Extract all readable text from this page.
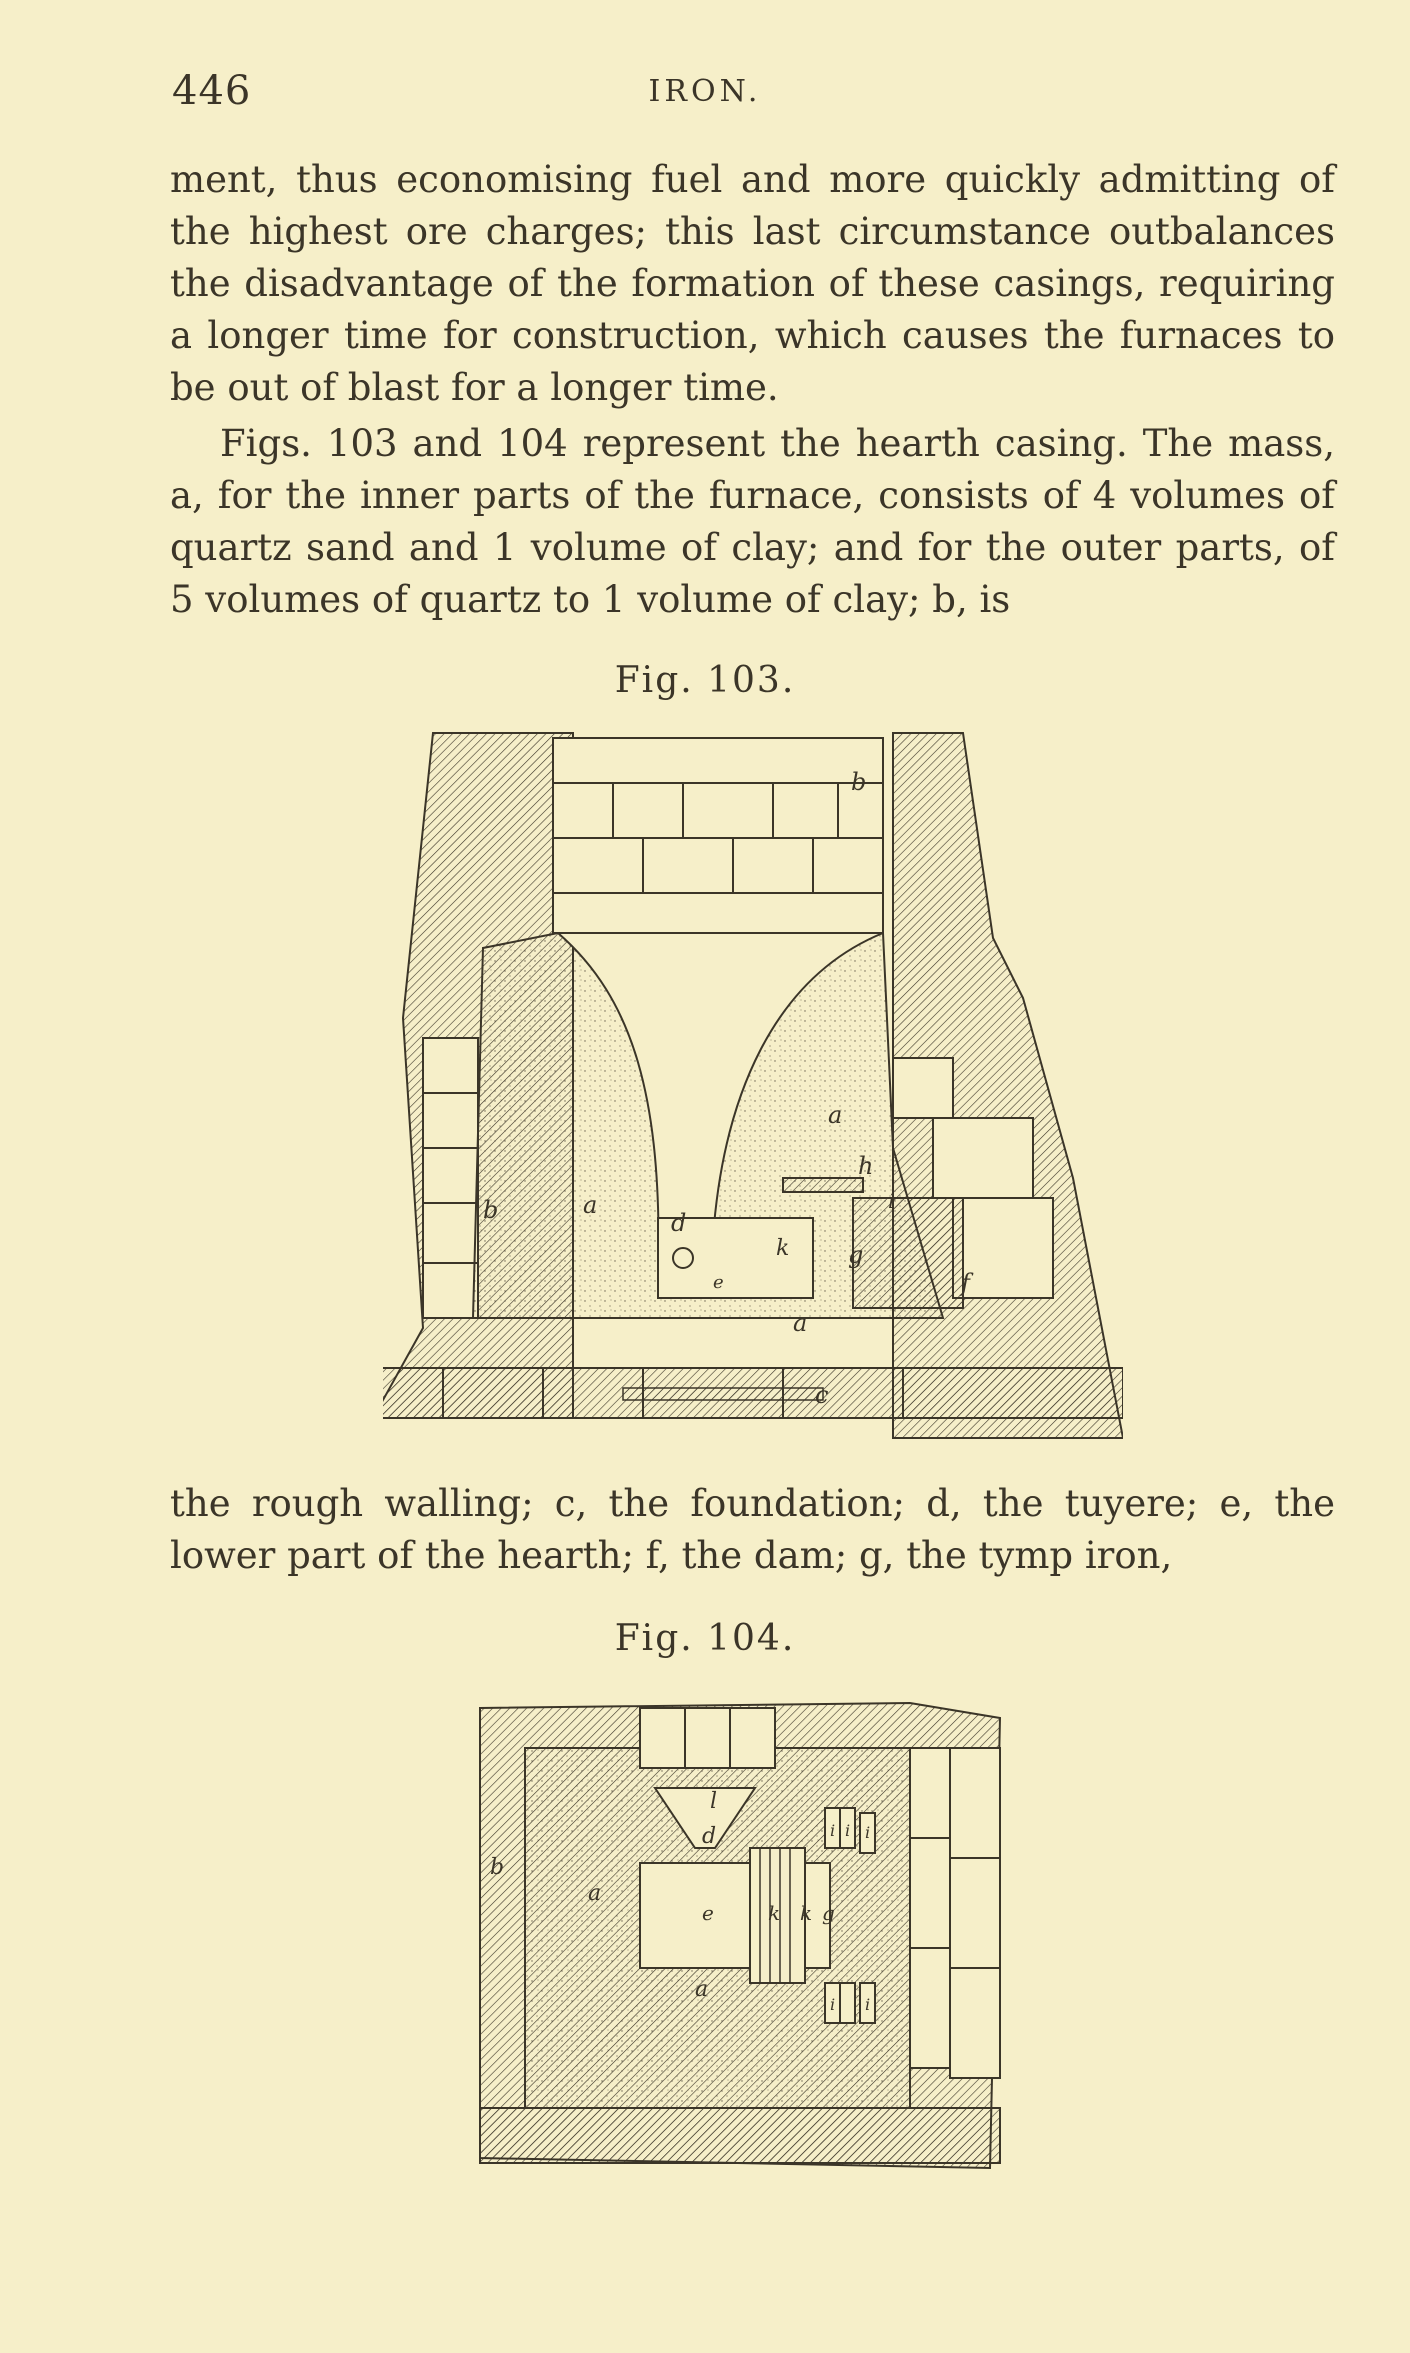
446	IRON.

ment, thus economising fuel and more quickly admitting of the highest ore charges; this last circumstance outbalances the disadvantage of the formation of these casings, requiring a longer time for construction, which causes the furnaces to be out of blast for a longer time.

Figs. 103 and 104 represent the hearth casing. The mass, a, for the inner parts of the furnace, consists of 4 volumes of quartz sand and 1 volume of clay; and for the outer parts, of 5 volumes of quartz to 1 volume of clay; b, is

Fig. 103.
b
b	a
a
a
c
d
e	f
g
h
i
k

the rough walling; c, the foundation; d, the tuyere; e, the lower part of the hearth; f, the dam; g, the tymp iron,

Fig. 104.
b
a
a
l
d
e	k k g
i i i
i i
